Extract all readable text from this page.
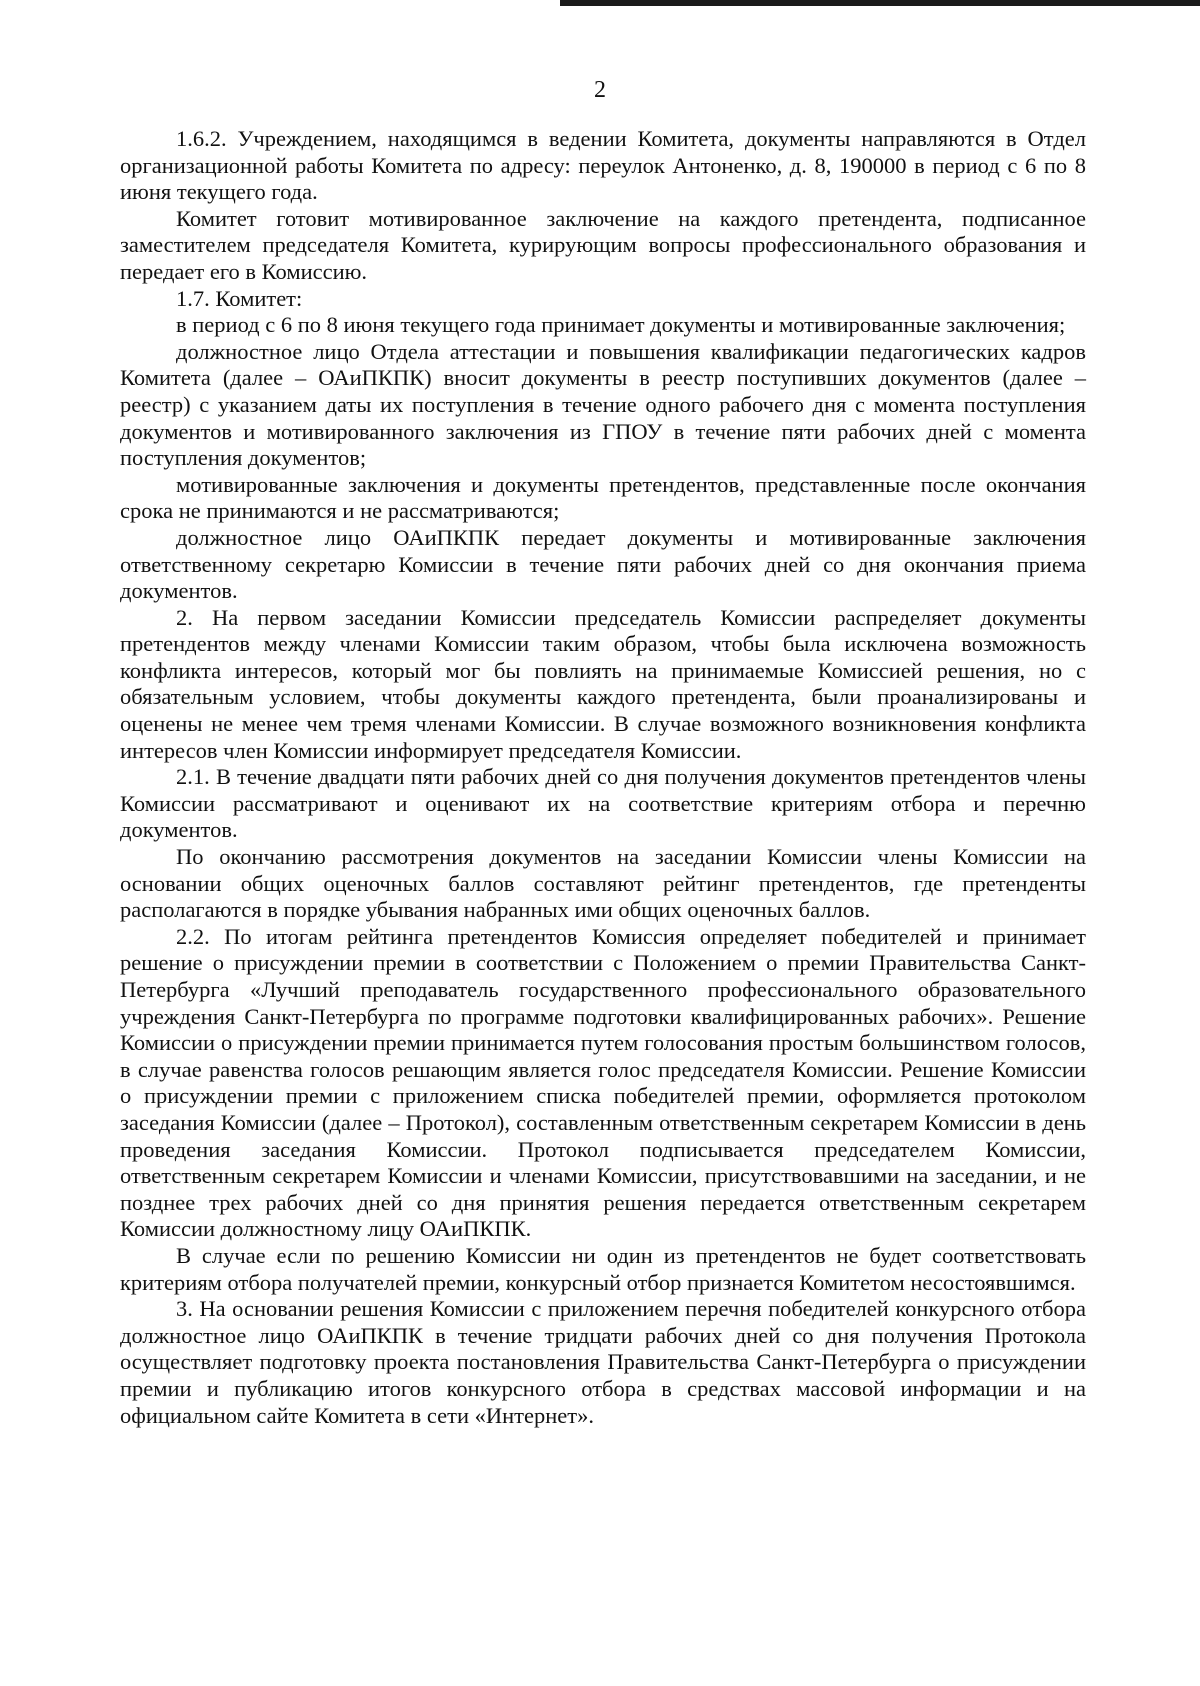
2

1.6.2. Учреждением, находящимся в ведении Комитета, документы направляются в Отдел организационной работы Комитета по адресу: переулок Антоненко, д. 8, 190000 в период с 6 по 8 июня текущего года.

Комитет готовит мотивированное заключение на каждого претендента, подписанное заместителем председателя Комитета, курирующим вопросы профессионального образования и передает его в Комиссию.

1.7. Комитет:

в период с 6 по 8 июня текущего года принимает документы и мотивированные заключения;

должностное лицо Отдела аттестации и повышения квалификации педагогических кадров Комитета (далее – ОАиПКПК) вносит документы в реестр поступивших документов (далее – реестр) с указанием даты их поступления в течение одного рабочего дня с момента поступления документов и мотивированного заключения из ГПОУ в течение пяти рабочих дней с момента поступления документов;

мотивированные заключения и документы претендентов, представленные после окончания срока не принимаются и не рассматриваются;

должностное лицо ОАиПКПК передает документы и мотивированные заключения ответственному секретарю Комиссии в течение пяти рабочих дней со дня окончания приема документов.

2. На первом заседании Комиссии председатель Комиссии распределяет документы претендентов между членами Комиссии таким образом, чтобы была исключена возможность конфликта интересов, который мог бы повлиять на принимаемые Комиссией решения, но с обязательным условием, чтобы документы каждого претендента, были проанализированы и оценены не менее чем тремя членами Комиссии. В случае возможного возникновения конфликта интересов член Комиссии информирует председателя Комиссии.

2.1. В течение двадцати пяти рабочих дней со дня получения документов претендентов члены Комиссии рассматривают и оценивают их на соответствие критериям отбора и перечню документов.

По окончанию рассмотрения документов на заседании Комиссии члены Комиссии на основании общих оценочных баллов составляют рейтинг претендентов, где претенденты располагаются в порядке убывания набранных ими общих оценочных баллов.

2.2. По итогам рейтинга претендентов Комиссия определяет победителей и принимает решение о присуждении премии в соответствии с Положением о премии Правительства Санкт-Петербурга «Лучший преподаватель государственного профессионального образовательного учреждения Санкт-Петербурга по программе подготовки квалифицированных рабочих». Решение Комиссии о присуждении премии принимается путем голосования простым большинством голосов, в случае равенства голосов решающим является голос председателя Комиссии. Решение Комиссии о присуждении премии с приложением списка победителей премии, оформляется протоколом заседания Комиссии (далее – Протокол), составленным ответственным секретарем Комиссии в день проведения заседания Комиссии. Протокол подписывается председателем Комиссии, ответственным секретарем Комиссии и членами Комиссии, присутствовавшими на заседании, и не позднее трех рабочих дней со дня принятия решения передается ответственным секретарем Комиссии должностному лицу ОАиПКПК.

В случае если по решению Комиссии ни один из претендентов не будет соответствовать критериям отбора получателей премии, конкурсный отбор признается Комитетом несостоявшимся.

3. На основании решения Комиссии с приложением перечня победителей конкурсного отбора должностное лицо ОАиПКПК в течение тридцати рабочих дней со дня получения Протокола осуществляет подготовку проекта постановления Правительства Санкт-Петербурга о присуждении премии и публикацию итогов конкурсного отбора в средствах массовой информации и на официальном сайте Комитета в сети «Интернет».
